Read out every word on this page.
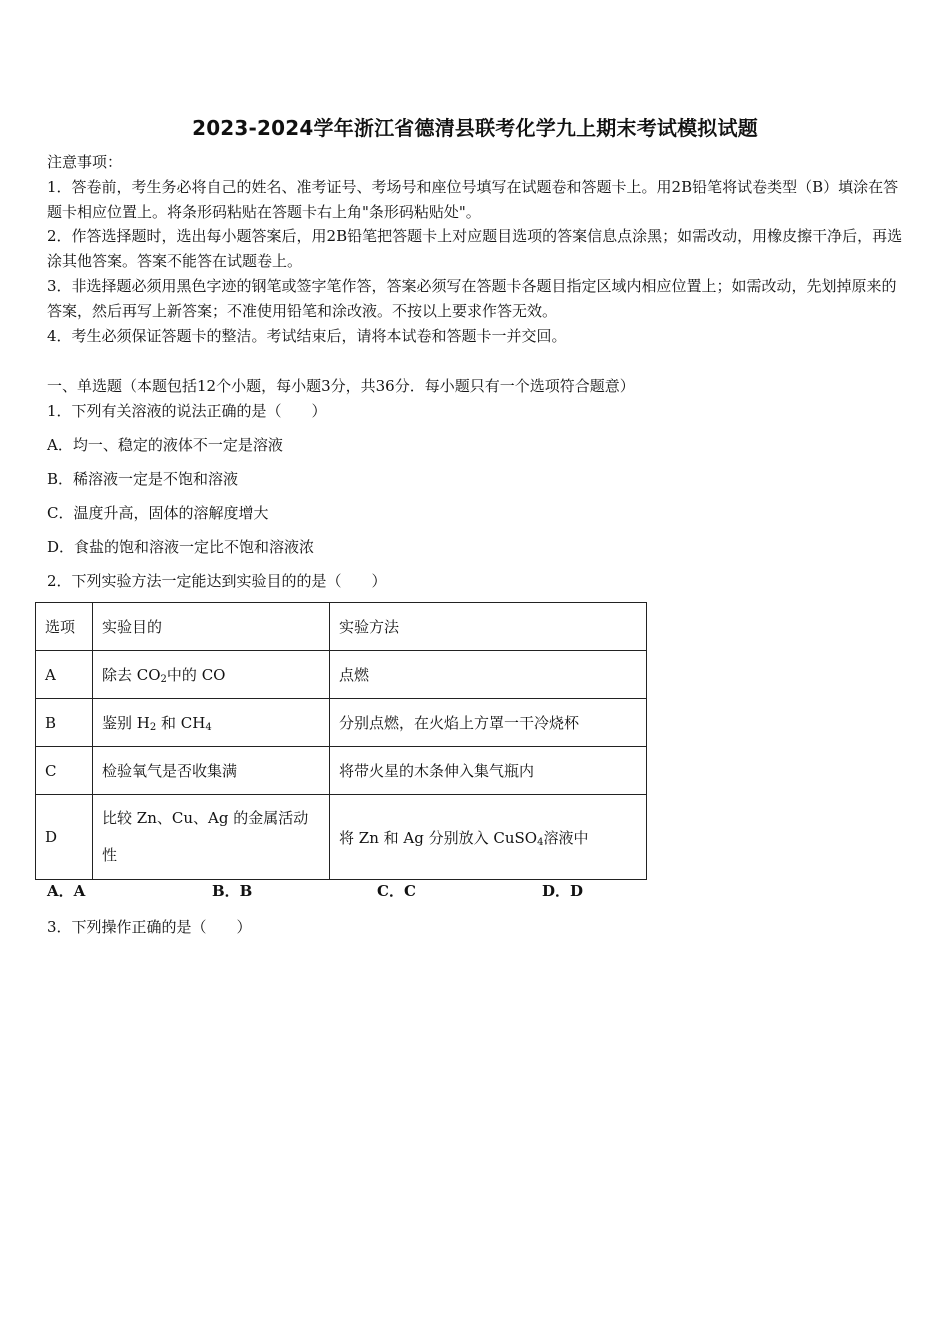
2023-2024学年浙江省德清县联考化学九上期末考试模拟试题

注意事项：

1．答卷前，考生务必将自己的姓名、准考证号、考场号和座位号填写在试题卷和答题卡上。用2B铅笔将试卷类型（B）填涂在答题卡相应位置上。将条形码粘贴在答题卡右上角"条形码粘贴处"。

2．作答选择题时，选出每小题答案后，用2B铅笔把答题卡上对应题目选项的答案信息点涂黑；如需改动，用橡皮擦干净后，再选涂其他答案。答案不能答在试题卷上。

3．非选择题必须用黑色字迹的钢笔或签字笔作答，答案必须写在答题卡各题目指定区域内相应位置上；如需改动，先划掉原来的答案，然后再写上新答案；不准使用铅笔和涂改液。不按以上要求作答无效。

4．考生必须保证答题卡的整洁。考试结束后，请将本试卷和答题卡一并交回。

一、单选题（本题包括12个小题，每小题3分，共36分．每小题只有一个选项符合题意）
1．下列有关溶液的说法正确的是（　　）
A．均一、稳定的液体不一定是溶液
B．稀溶液一定是不饱和溶液
C．温度升高，固体的溶解度增大
D．食盐的饱和溶液一定比不饱和溶液浓
2．下列实验方法一定能达到实验目的的是（　　）
选项	实验目的	实验方法
A	除去 $CO_2$中的 CO	点燃
B	鉴别 $H_2$ 和 $CH_4$	分别点燃，在火焰上方罩一干冷烧杯
C	检验氧气是否收集满	将带火星的木条伸入集气瓶内
D	比较 Zn、Cu、Ag 的金属活动性	将 Zn 和 Ag 分别放入 CuSO$_4$溶液中
A．A	B．B	C．C	D．D
3．下列操作正确的是（　　）
